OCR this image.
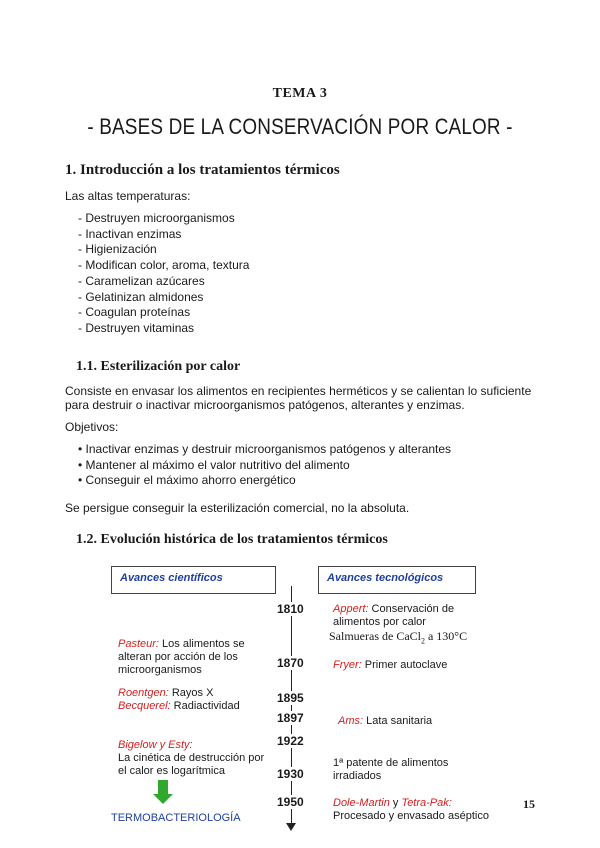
TEMA 3
- BASES DE LA CONSERVACIÓN POR CALOR -
1. Introducción a los tratamientos térmicos
Las altas temperaturas:
- Destruyen microorganismos
- Inactivan enzimas
- Higienización
- Modifican color, aroma, textura
- Caramelizan azúcares
- Gelatinizan almidones
- Coagulan proteínas
- Destruyen vitaminas
1.1. Esterilización por calor
Consiste en envasar los alimentos en recipientes herméticos y se calientan lo suficiente
para destruir o inactivar microorganismos patógenos, alterantes y enzimas.
Objetivos:
• Inactivar enzimas y destruir microorganismos patógenos y alterantes
• Mantener al máximo el valor nutritivo del alimento
• Conseguir el máximo ahorro energético
Se persigue conseguir la esterilización comercial, no la absoluta.
1.2. Evolución histórica de los tratamientos térmicos
Avances científicos	Avances tecnológicos
1810
1870
1895
1897
1922
1930
1950
Appert: Conservación de
alimentos por calor
Salmueras de CaCl$_2$ a 130°C
Pasteur: Los alimentos se
alteran por acción de los
microorganismos	Fryer: Primer autoclave
Roentgen: Rayos X
Becquerel: Radiactividad
Ams: Lata sanitaria
Bigelow y Esty:
La cinética de destrucción por
el calor es logarítmica
1ª patente de alimentos
irradiados
Dole-Martin y Tetra-Pak:
Procesado y envasado aséptico
TERMOBACTERIOLOGÍA
15
